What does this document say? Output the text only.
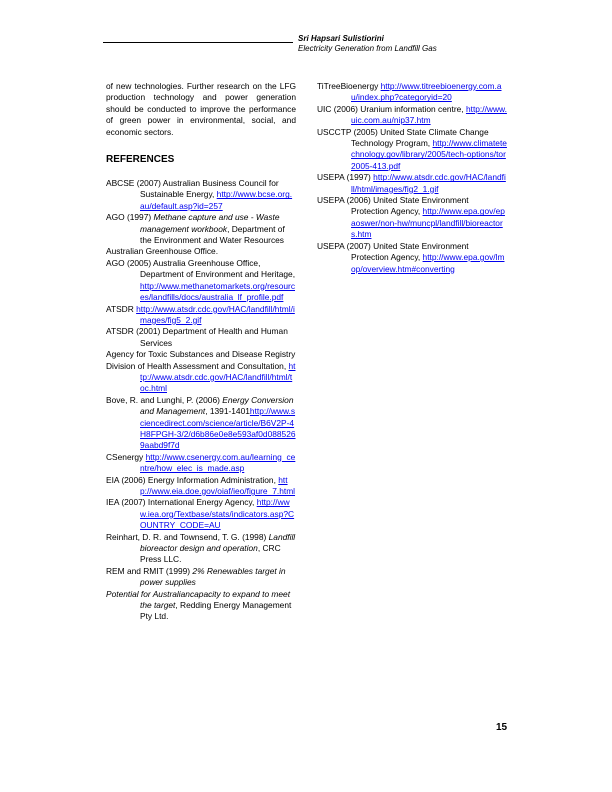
Sri Hapsari Sulistiorini
Electricity Generation from Landfill Gas

of new technologies. Further research on the LFG production technology and power generation should be conducted to improve the performance of green power in environmental, social, and economic sectors.

REFERENCES

ABCSE (2007) Australian Business Council for Sustainable Energy, http://www.bcse.org.au/default.asp?id=257

AGO (1997) Methane capture and use - Waste management workbook, Department of the Environment and Water Resources

Australian Greenhouse Office.

AGO (2005) Australia Greenhouse Office, Department of Environment and Heritage, http://www.methanetomarkets.org/resources/landfills/docs/australia_lf_profile.pdf

ATSDR http://www.atsdr.cdc.gov/HAC/landfill/html/images/fig5_2.gif

ATSDR (2001) Department of Health and Human Services

Agency for Toxic Substances and Disease Registry

Division of Health Assessment and Consultation, http://www.atsdr.cdc.gov/HAC/landfill/html/toc.html

Bove, R. and Lunghi, P. (2006) Energy Conversion and Management, 1391-1401http://www.sciencedirect.com/science/article/B6V2P-4H8FPGH-3/2/d6b86e0e8e593af0d0885269aabd9f7d

CSenergy http://www.csenergy.com.au/learning_centre/how_elec_is_made.asp

EIA (2006) Energy Information Administration, http://www.eia.doe.gov/oiaf/ieo/figure_7.html

IEA (2007) International Energy Agency, http://www.iea.org/Textbase/stats/indicators.asp?COUNTRY_CODE=AU

Reinhart, D. R. and Townsend, T. G. (1998) Landfill bioreactor design and operation, CRC Press LLC.

REM and RMIT (1999) 2% Renewables target in power supplies

Potential for Australiancapacity to expand to meet the target, Redding Energy Management Pty Ltd.

TiTreeBioenergy http://www.titreebioenergy.com.au/index.php?categoryid=20

UIC (2006) Uranium information centre, http://www.uic.com.au/nip37.htm

USCCTP (2005) United State Climate Change Technology Program, http://www.climatetechnology.gov/library/2005/tech-options/tor2005-413.pdf

USEPA (1997) http://www.atsdr.cdc.gov/HAC/landfill/html/images/fig2_1.gif

USEPA (2006) United State Environment Protection Agency, http://www.epa.gov/epaoswer/non-hw/muncpl/landfill/bioreactors.htm

USEPA (2007) United State Environment Protection Agency, http://www.epa.gov/lmop/overview.htm#converting

15
